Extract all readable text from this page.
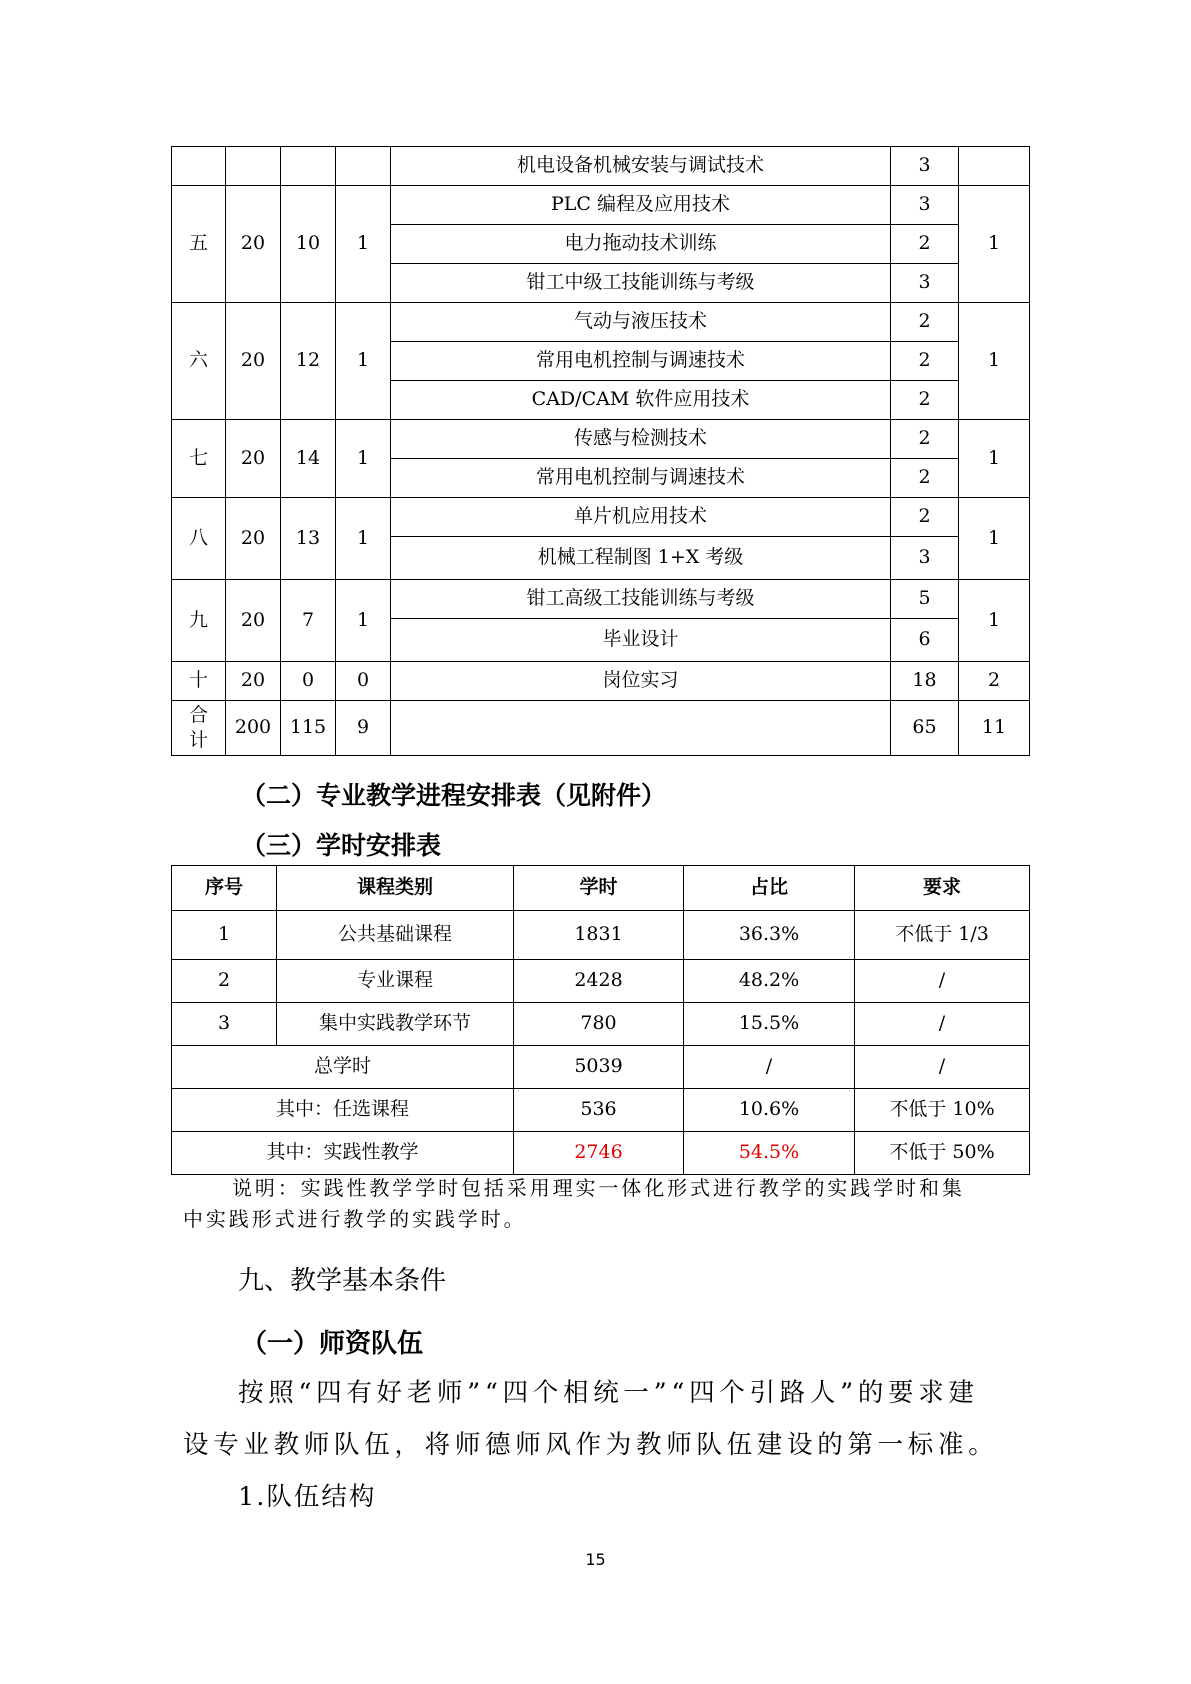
				机电设备机械安装与调试技术	3	
五	20	10	1	PLC 编程及应用技术	3	1
				电力拖动技术训练	2	
				钳工中级工技能训练与考级	3	
六	20	12	1	气动与液压技术	2	1
				常用电机控制与调速技术	2	
				CAD/CAM 软件应用技术	2	
七	20	14	1	传感与检测技术	2	1
				常用电机控制与调速技术	2	
八	20	13	1	单片机应用技术	2	1
				机械工程制图 1+X 考级	3	
九	20	7	1	钳工高级工技能训练与考级	5	1
				毕业设计	6	
十	20	0	0	岗位实习	18	2
合计	200	115	9		65	11
（二）专业教学进程安排表（见附件）
（三）学时安排表
序号	课程类别	学时	占比	要求
1	公共基础课程	1831	36.3%	不低于 1/3
2	专业课程	2428	48.2%	/
3	集中实践教学环节	780	15.5%	/
总学时		5039	/	/
其中：任选课程		536	10.6%	不低于 10%
其中：实践性教学		2746	54.5%	不低于 50%

说明：实践性教学学时包括采用理实一体化形式进行教学的实践学时和集

中实践形式进行教学的实践学时。

九、教学基本条件

（一）师资队伍

按照“四有好老师”“四个相统一”“四个引路人”的要求建

设专业教师队伍，将师德师风作为教师队伍建设的第一标准。

1.队伍结构

15
